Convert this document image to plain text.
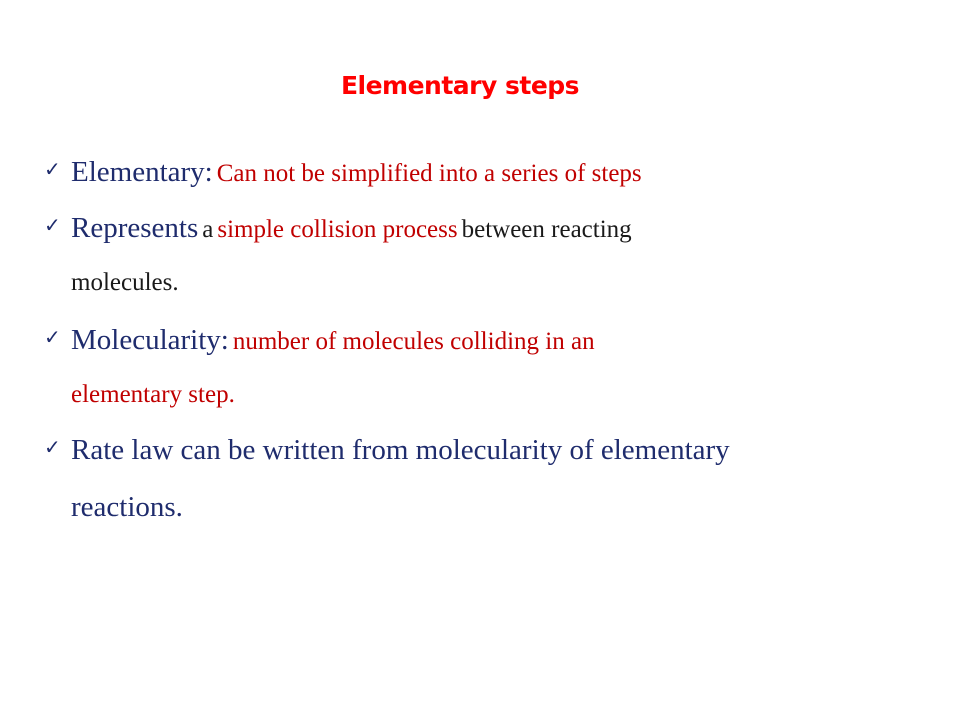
Elementary steps
✓ Elementary: Can not be simplified into a series of steps
✓ Represents a simple collision process between reacting
molecules.
✓ Molecularity: number of molecules colliding in an
elementary step.
✓ Rate law can be written from molecularity of elementary
reactions.
